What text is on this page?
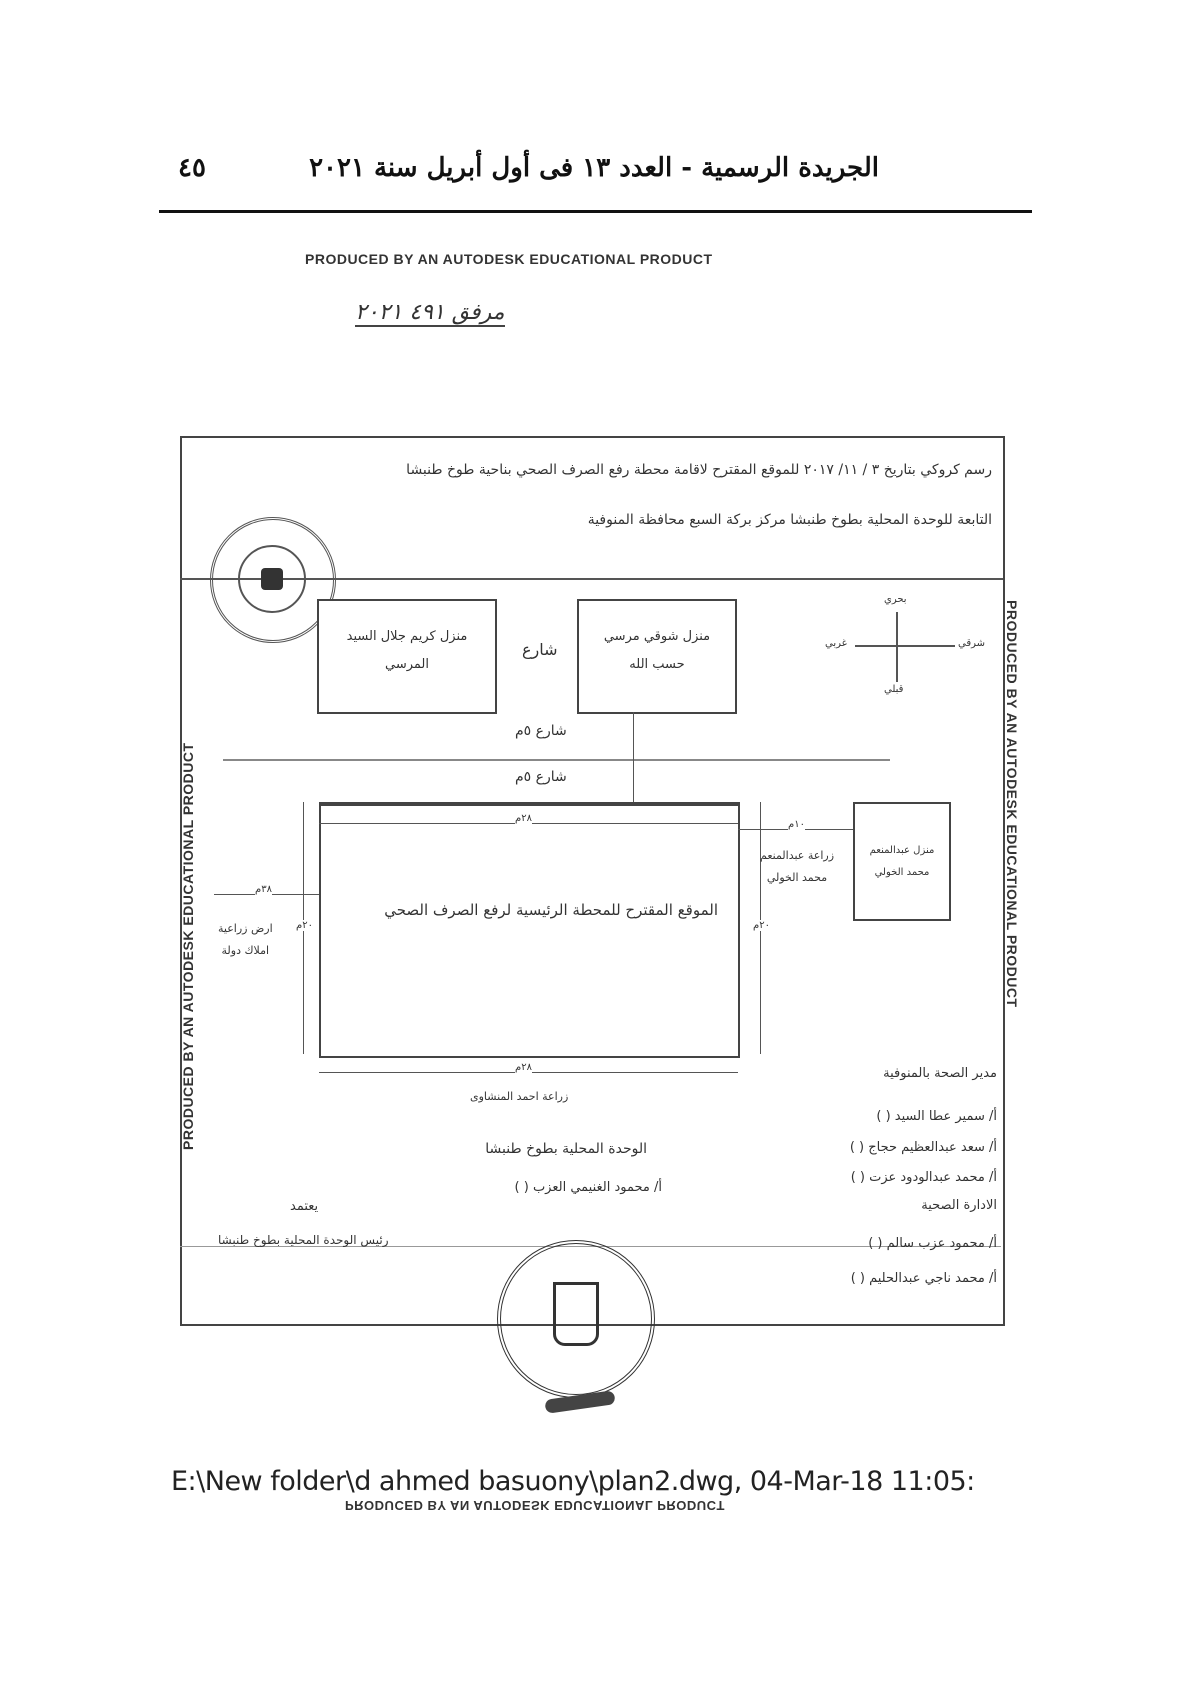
٤٥	الجريدة الرسمية - العدد ١٣ فى أول أبريل سنة ٢٠٢١
PRODUCED BY AN AUTODESK EDUCATIONAL PRODUCT
مرفق ٤٩١ ٢٠٢١
رسم كروكي بتاريخ ٣ / ١١/ ٢٠١٧ للموقع المقترح لاقامة محطة رفع الصرف الصحي بناحية طوخ طنبشا
التابعة للوحدة المحلية بطوخ طنبشا مركز بركة السبع محافظة المنوفية
PRODUCED BY AN AUTODESK EDUCATIONAL PRODUCT	PRODUCED BY AN AUTODESK EDUCATIONAL PRODUCT
منزل كريم جلال السيد
المرسي
شارع
منزل شوقي مرسي
حسب الله
بحري
قبلي
شرقي
غربي
شارع ٥م
شارع ٥م
الموقع المقترح للمحطة الرئيسية لرفع الصرف الصحي
٢٨م
٢٨م
٢٠م	٢٠م
٣٨م
١٠م
منزل عبدالمنعم
محمد الخولي
زراعة عبدالمنعم
محمد الخولي
ارض زراعية
املاك دولة
زراعة احمد المنشاوى
مدير الصحة بالمنوفية
أ/ سمير عطا السيد ( )
أ/ سعد عبدالعظيم حجاج ( )
أ/ محمد عبدالودود عزت ( )
الادارة الصحية
أ/ محمود عزب سالم ( )
أ/ محمد ناجي عبدالحليم ( )
الوحدة المحلية بطوخ طنبشا
أ/ محمود الغنيمي العزب ( )
يعتمد
رئيس الوحدة المحلية بطوخ طنبشا
E:\New folder\d ahmed basuony\plan2.dwg, 04-Mar-18 11:05:
PRODUCED BY AN AUTODESK EDUCATIONAL PRODUCT
